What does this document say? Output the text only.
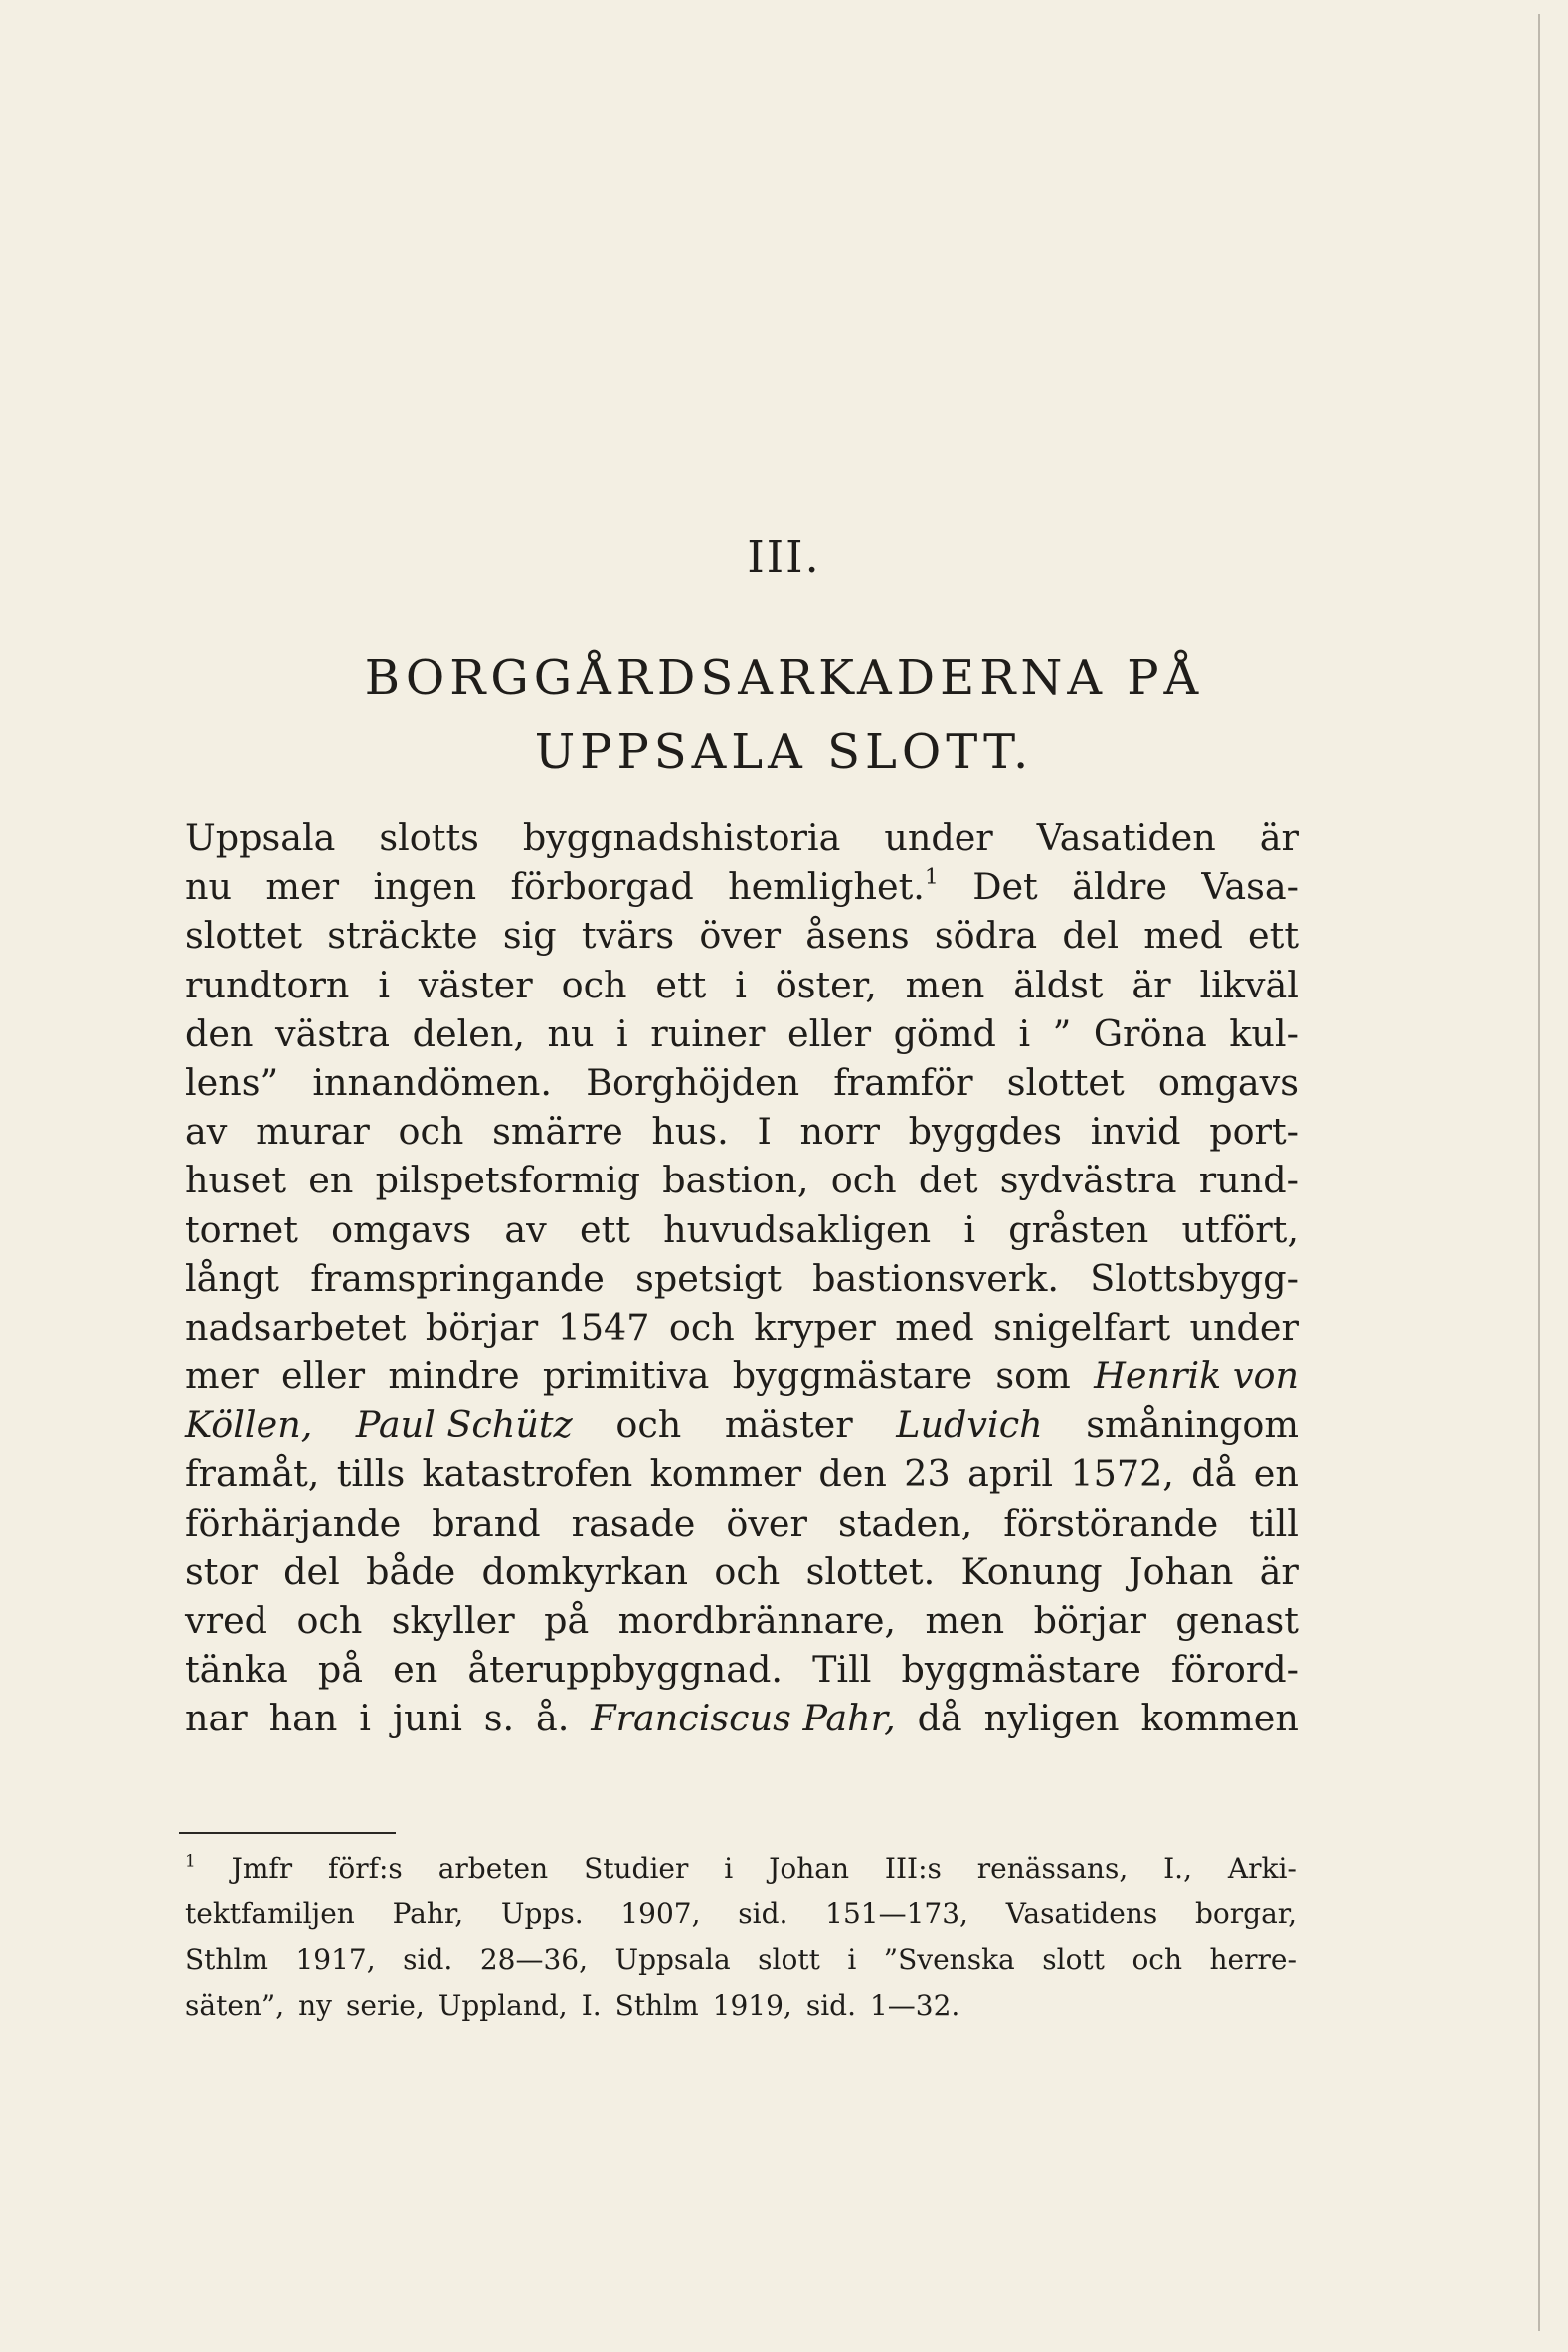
III.
BORGGÅRDSARKADERNA PÅ
UPPSALA SLOTT.
Uppsala slotts byggnadshistoria under Vasatiden är
nu mer ingen förborgad hemlighet.$^1$ Det äldre Vasa-
slottet sträckte sig tvärs över åsens södra del med ett
rundtorn i väster och ett i öster, men äldst är likväl
den västra delen, nu i ruiner eller gömd i ” Gröna kul-
lens” innandömen. Borghöjden framför slottet omgavs
av murar och smärre hus. I norr byggdes invid port-
huset en pilspetsformig bastion, och det sydvästra rund-
tornet omgavs av ett huvudsakligen i gråsten utfört,
långt framspringande spetsigt bastionsverk. Slottsbygg-
nadsarbetet börjar 1547 och kryper med snigelfart under
mer eller mindre primitiva byggmästare som Henrik von
Köllen, Paul Schütz och mäster Ludvich småningom
framåt, tills katastrofen kommer den 23 april 1572, då en
förhärjande brand rasade över staden, förstörande till
stor del både domkyrkan och slottet. Konung Johan är
vred och skyller på mordbrännare, men börjar genast
tänka på en återuppbyggnad. Till byggmästare förord-
nar han i juni s. å. Franciscus Pahr, då nyligen kommen
$^1$ Jmfr förf:s arbeten Studier i Johan III:s renässans, I., Arki-
tektfamiljen Pahr, Upps. 1907, sid. 151—173, Vasatidens borgar,
Sthlm 1917, sid. 28—36, Uppsala slott i ”Svenska slott och herre-
säten”, ny serie, Uppland, I. Sthlm 1919, sid. 1—32.
